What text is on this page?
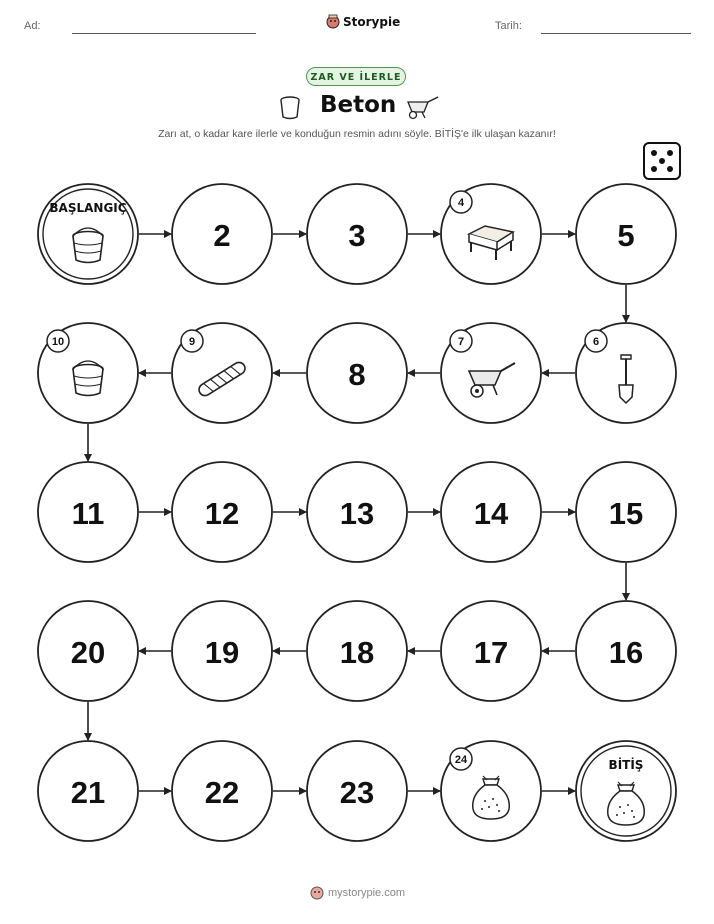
Ad:	Storypie	Tarih:
ZAR VE İLERLE
Beton
Zarı at, o kadar kare ilerle ve konduğun resmin adını söyle. BİTİŞ'e ilk ulaşan kazanır!
BAŞLANGIÇ
2	3
4
5
6
7
8
9
10
11	12	13	14	15
16
17
18
19
20
21	22	23
24	BİTİŞ
mystorypie.com
